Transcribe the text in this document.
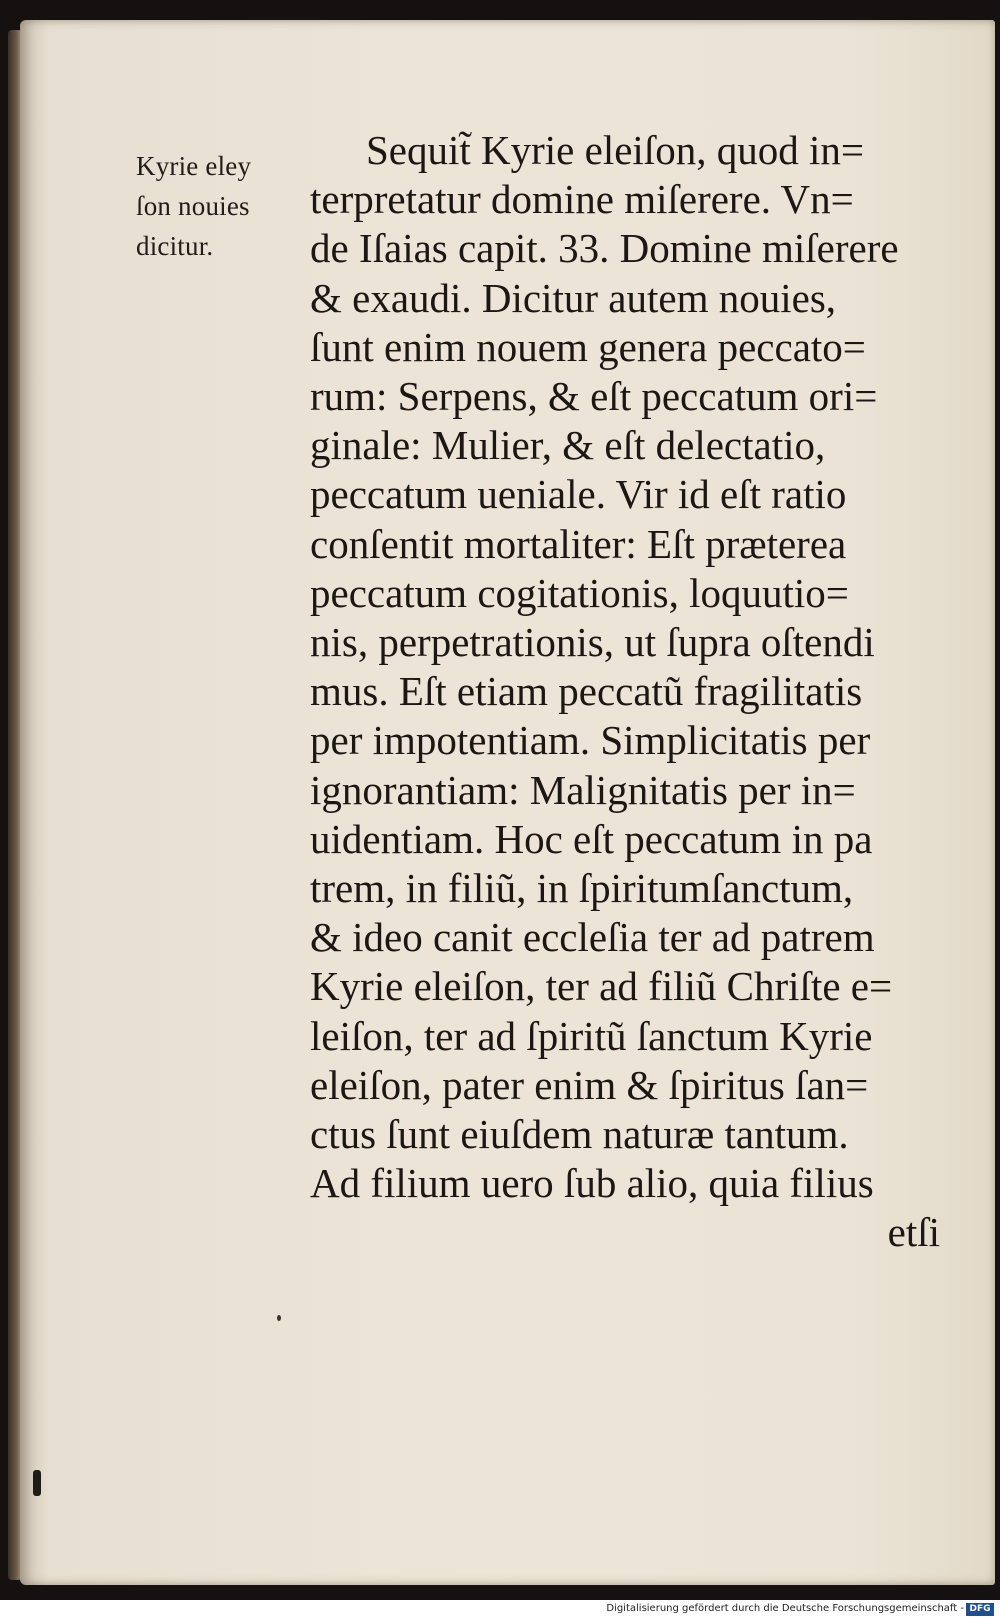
Kyrie eley
ſon nouies
dicitur.
Sequit̃ Kyrie eleiſon, quod in=
terpretatur domine miſerere. Vn=
de Iſaias capit. 33. Domine miſerere
& exaudi. Dicitur autem nouies,
ſunt enim nouem genera peccato=
rum: Serpens, & eſt peccatum ori=
ginale: Mulier, & eſt delectatio,
peccatum ueniale. Vir id eſt ratio
conſentit mortaliter: Eſt præterea
peccatum cogitationis, loquutio=
nis, perpetrationis, ut ſupra oſtendi
mus. Eſt etiam peccatũ fragilitatis
per impotentiam. Simplicitatis per
ignorantiam: Malignitatis per in=
uidentiam. Hoc eſt peccatum in pa
trem, in filiũ, in ſpiritumſanctum,
& ideo canit eccleſia ter ad patrem
Kyrie eleiſon, ter ad filiũ Chriſte e=
leiſon, ter ad ſpiritũ ſanctum Kyrie
eleiſon, pater enim & ſpiritus ſan=
ctus ſunt eiuſdem naturæ tantum.
Ad filium uero ſub alio, quia filius
etſi
Digitalisierung gefördert durch die Deutsche Forschungsgemeinschaft - DFG
